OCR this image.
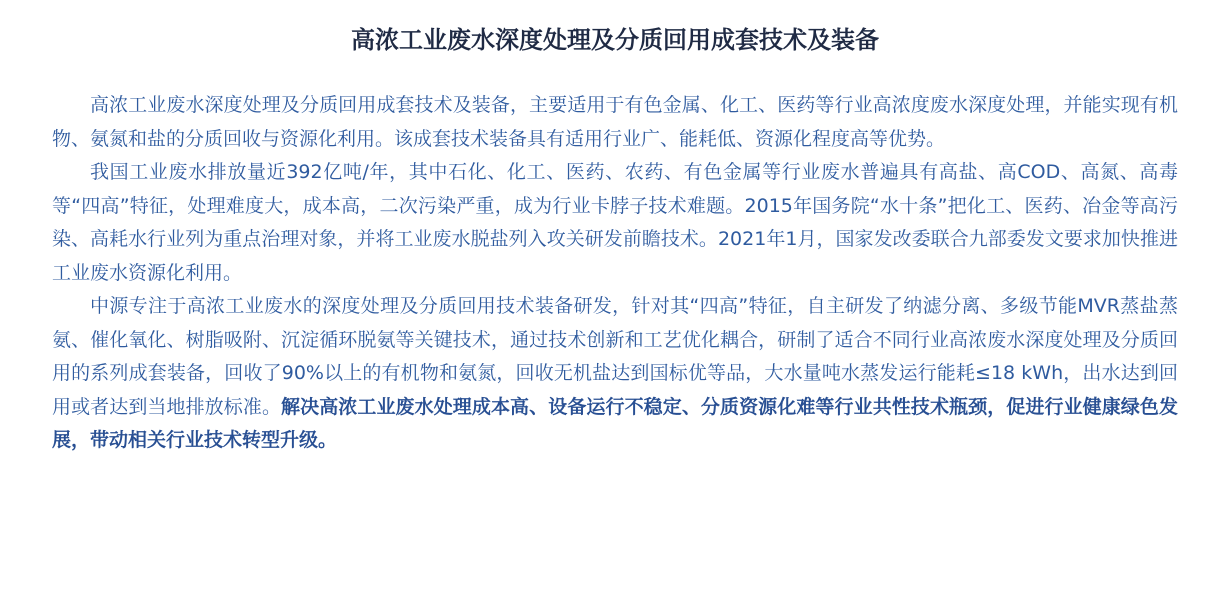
高浓工业废水深度处理及分质回用成套技术及装备

高浓工业废水深度处理及分质回用成套技术及装备，主要适用于有色金属、化工、医药等行业高浓度废水深度处理，并能实现有机物、氨氮和盐的分质回收与资源化利用。该成套技术装备具有适用行业广、能耗低、资源化程度高等优势。

我国工业废水排放量近392亿吨/年，其中石化、化工、医药、农药、有色金属等行业废水普遍具有高盐、高COD、高氮、高毒等“四高”特征，处理难度大，成本高，二次污染严重，成为行业卡脖子技术难题。2015年国务院“水十条”把化工、医药、冶金等高污染、高耗水行业列为重点治理对象，并将工业废水脱盐列入攻关研发前瞻技术。2021年1月，国家发改委联合九部委发文要求加快推进工业废水资源化利用。

中源专注于高浓工业废水的深度处理及分质回用技术装备研发，针对其“四高”特征，自主研发了纳滤分离、多级节能MVR蒸盐蒸氨、催化氧化、树脂吸附、沉淀循环脱氨等关键技术，通过技术创新和工艺优化耦合，研制了适合不同行业高浓废水深度处理及分质回用的系列成套装备，回收了90%以上的有机物和氨氮，回收无机盐达到国标优等品，大水量吨水蒸发运行能耗≤18 kWh，出水达到回用或者达到当地排放标准。解决高浓工业废水处理成本高、设备运行不稳定、分质资源化难等行业共性技术瓶颈，促进行业健康绿色发展，带动相关行业技术转型升级。
